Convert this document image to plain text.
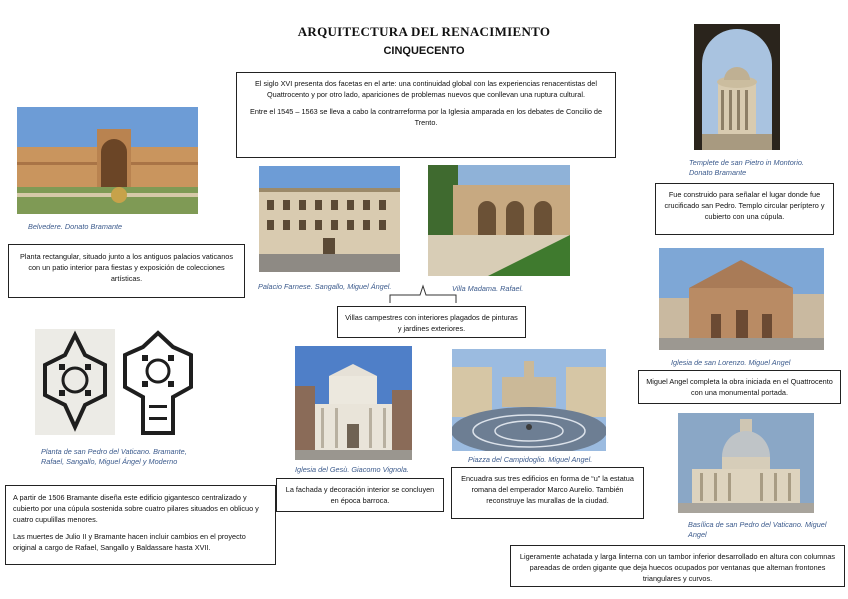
ARQUITECTURA DEL RENACIMIENTO
CINQUECENTO

El siglo XVI presenta dos facetas en el arte: una continuidad global con las experiencias renacentistas del Quattrocento y por otro lado, apariciones de problemas nuevos que conllevan una ruptura cultural.

Entre el 1545 – 1563 se lleva a cabo la contrarreforma por la Iglesia amparada en los debates de Concilio de Trento.

Belvedere. Donato Bramante
Planta rectangular, situado junto a los antiguos palacios vaticanos con un patio interior para fiestas y exposición de colecciones artísticas.
Palacio Farnese. Sangallo, Miguel Ángel.	Villa Madama. Rafael.
Villas campestres con interiores plagados de pinturas y jardines exteriores.
Templete de san Pietro in Montorio. Donato Bramante
Fue construido para señalar el lugar donde fue crucificado san Pedro. Templo circular períptero y cubierto con una cúpula.
Iglesia de san Lorenzo. Miguel Angel
Miguel Angel completa la obra iniciada en el Quattrocento con una monumental portada.
Planta de san Pedro del Vaticano. Bramante, Rafael, Sangallo, Miguel Ángel y Moderno

A partir de 1506 Bramante diseña este edificio gigantesco centralizado y cubierto por una cúpula sostenida sobre cuatro pilares situados en oblicuo y cuatro cupulillas menores.

Las muertes de Julio II y Bramante hacen incluir cambios en el proyecto original a cargo de Rafael, Sangallo y Baldassare hasta XVII.

Iglesia del Gesù. Giacomo Vignola.
La fachada y decoración interior se concluyen en época barroca.
Piazza del Campidoglio. Miguel Angel.
Encuadra sus tres edificios en forma de “u” la estatua romana del emperador Marco Aurelio. También reconstruye las murallas de la ciudad.
Basílica de san Pedro del Vaticano. Miguel Angel
Ligeramente achatada y larga linterna con un tambor inferior desarrollado en altura con columnas pareadas de orden gigante que deja huecos ocupados por ventanas que alternan frontones triangulares y curvos.
